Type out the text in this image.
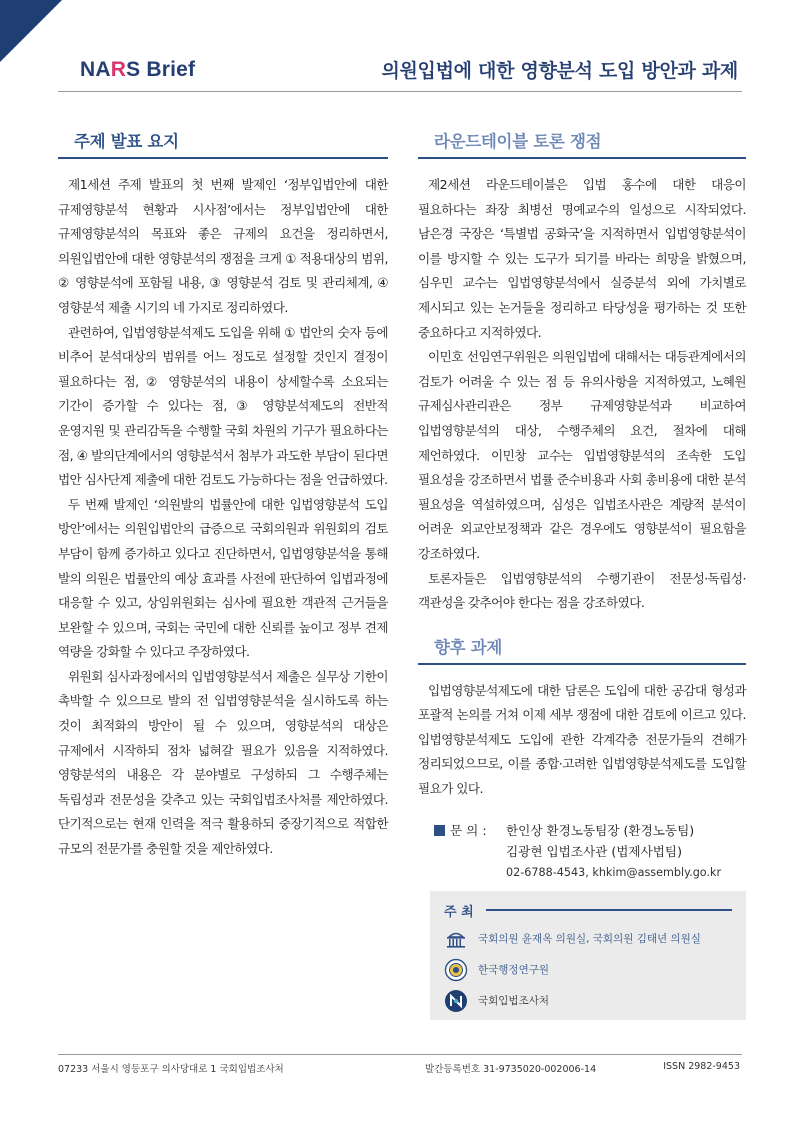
NARS Brief	의원입법에 대한 영향분석 도입 방안과 과제
주제 발표 요지

제1세션 주제 발표의 첫 번째 발제인 ‘정부입법안에 대한 규제영향분석 현황과 시사점’에서는 정부입법안에 대한 규제영향분석의 목표와 좋은 규제의 요건을 정리하면서, 의원입법안에 대한 영향분석의 쟁점을 크게 ① 적용대상의 범위, ② 영향분석에 포함될 내용, ③ 영향분석 검토 및 관리체계, ④ 영향분석 제출 시기의 네 가지로 정리하였다.

관련하여, 입법영향분석제도 도입을 위해 ① 법안의 숫자 등에 비추어 분석대상의 범위를 어느 정도로 설정할 것인지 결정이 필요하다는 점, ② 영향분석의 내용이 상세할수록 소요되는 기간이 증가할 수 있다는 점, ③ 영향분석제도의 전반적 운영지원 및 관리감독을 수행할 국회 차원의 기구가 필요하다는 점, ④ 발의단계에서의 영향분석서 첨부가 과도한 부담이 된다면 법안 심사단계 제출에 대한 검토도 가능하다는 점을 언급하였다.

두 번째 발제인 ‘의원발의 법률안에 대한 입법영향분석 도입 방안’에서는 의원입법안의 급증으로 국회의원과 위원회의 검토 부담이 함께 증가하고 있다고 진단하면서, 입법영향분석을 통해 발의 의원은 법률안의 예상 효과를 사전에 판단하여 입법과정에 대응할 수 있고, 상임위원회는 심사에 필요한 객관적 근거들을 보완할 수 있으며, 국회는 국민에 대한 신뢰를 높이고 정부 견제 역량을 강화할 수 있다고 주장하였다.

위원회 심사과정에서의 입법영향분석서 제출은 실무상 기한이 촉박할 수 있으므로 발의 전 입법영향분석을 실시하도록 하는 것이 최적화의 방안이 될 수 있으며, 영향분석의 대상은 규제에서 시작하되 점차 넓혀갈 필요가 있음을 지적하였다. 영향분석의 내용은 각 분야별로 구성하되 그 수행주체는 독립성과 전문성을 갖추고 있는 국회입법조사처를 제안하였다. 단기적으로는 현재 인력을 적극 활용하되 중장기적으로 적합한 규모의 전문가를 충원할 것을 제안하였다.

라운드테이블 토론 쟁점

제2세션 라운드테이블은 입법 홍수에 대한 대응이 필요하다는 좌장 최병선 명예교수의 일성으로 시작되었다. 남은경 국장은 ‘특별법 공화국’을 지적하면서 입법영향분석이 이를 방지할 수 있는 도구가 되기를 바라는 희망을 밝혔으며, 심우민 교수는 입법영향분석에서 실증분석 외에 가치별로 제시되고 있는 논거들을 정리하고 타당성을 평가하는 것 또한 중요하다고 지적하였다.

이민호 선임연구위원은 의원입법에 대해서는 대등관계에서의 검토가 어려울 수 있는 점 등 유의사항을 지적하였고, 노혜원 규제심사관리관은 정부 규제영향분석과 비교하여 입법영향분석의 대상, 수행주체의 요건, 절차에 대해 제언하였다. 이민창 교수는 입법영향분석의 조속한 도입 필요성을 강조하면서 법률 준수비용과 사회 총비용에 대한 분석 필요성을 역설하였으며, 심성은 입법조사관은 계량적 분석이 어려운 외교안보정책과 같은 경우에도 영향분석이 필요함을 강조하였다.

토론자들은 입법영향분석의 수행기관이 전문성·독립성·객관성을 갖추어야 한다는 점을 강조하였다.

향후 과제

입법영향분석제도에 대한 담론은 도입에 대한 공감대 형성과 포괄적 논의를 거쳐 이제 세부 쟁점에 대한 검토에 이르고 있다. 입법영향분석제도 도입에 관한 각계각층 전문가들의 견해가 정리되었으므로, 이를 종합·고려한 입법영향분석제도를 도입할 필요가 있다.

문 의 :	한인상 환경노동팀장 (환경노동팀)
김광현 입법조사관 (법제사법팀)
02-6788-4543, khkim@assembly.go.kr
주 최
국회의원 윤재옥 의원실, 국회의원 김태년 의원실
한국행정연구원
국회입법조사처
07233 서울시 영등포구 의사당대로 1 국회입법조사처	발간등록번호 31-9735020-002006-14	ISSN 2982-9453
